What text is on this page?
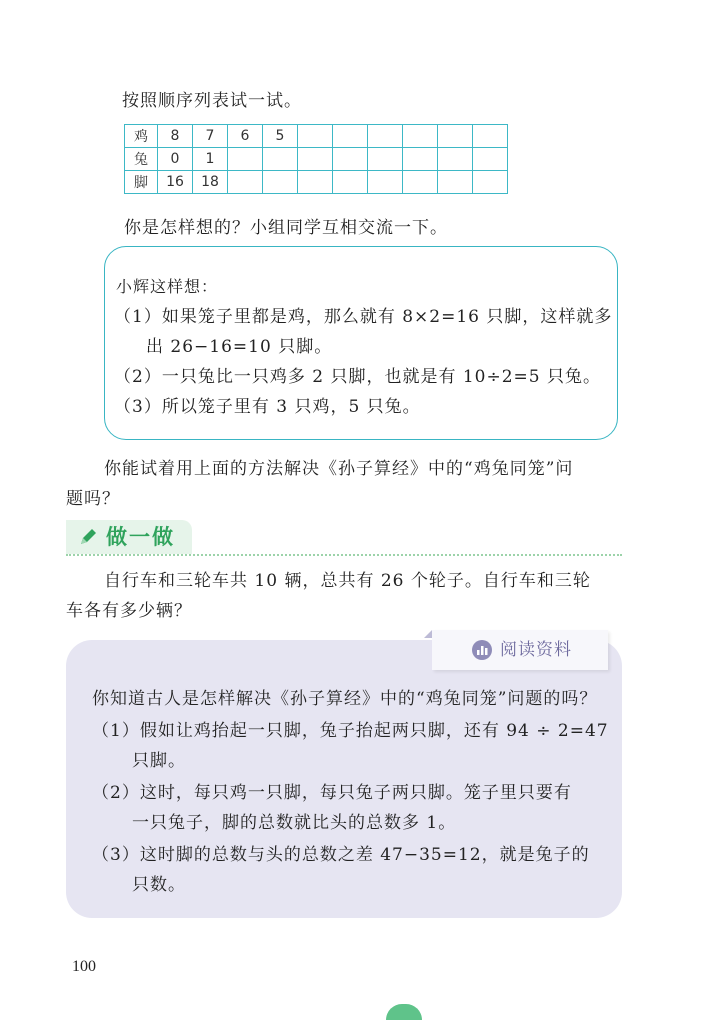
按照顺序列表试一试。
鸡	8	7	6	5						
兔	0	1								
脚	16	18								
你是怎样想的？小组同学互相交流一下。
小辉这样想：
（1）如果笼子里都是鸡，那么就有 8×2=16 只脚，这样就多
出 26−16=10 只脚。
（2）一只兔比一只鸡多 2 只脚，也就是有 10÷2=5 只兔。
（3）所以笼子里有 3 只鸡，5 只兔。
你能试着用上面的方法解决《孙子算经》中的“鸡兔同笼”问
题吗？
做一做
自行车和三轮车共 10 辆，总共有 26 个轮子。自行车和三轮
车各有多少辆？
阅读资料
你知道古人是怎样解决《孙子算经》中的“鸡兔同笼”问题的吗？
（1）假如让鸡抬起一只脚，兔子抬起两只脚，还有 94 ÷ 2=47
只脚。
（2）这时，每只鸡一只脚，每只兔子两只脚。笼子里只要有
一只兔子，脚的总数就比头的总数多 1。
（3）这时脚的总数与头的总数之差 47−35=12，就是兔子的
只数。
100
